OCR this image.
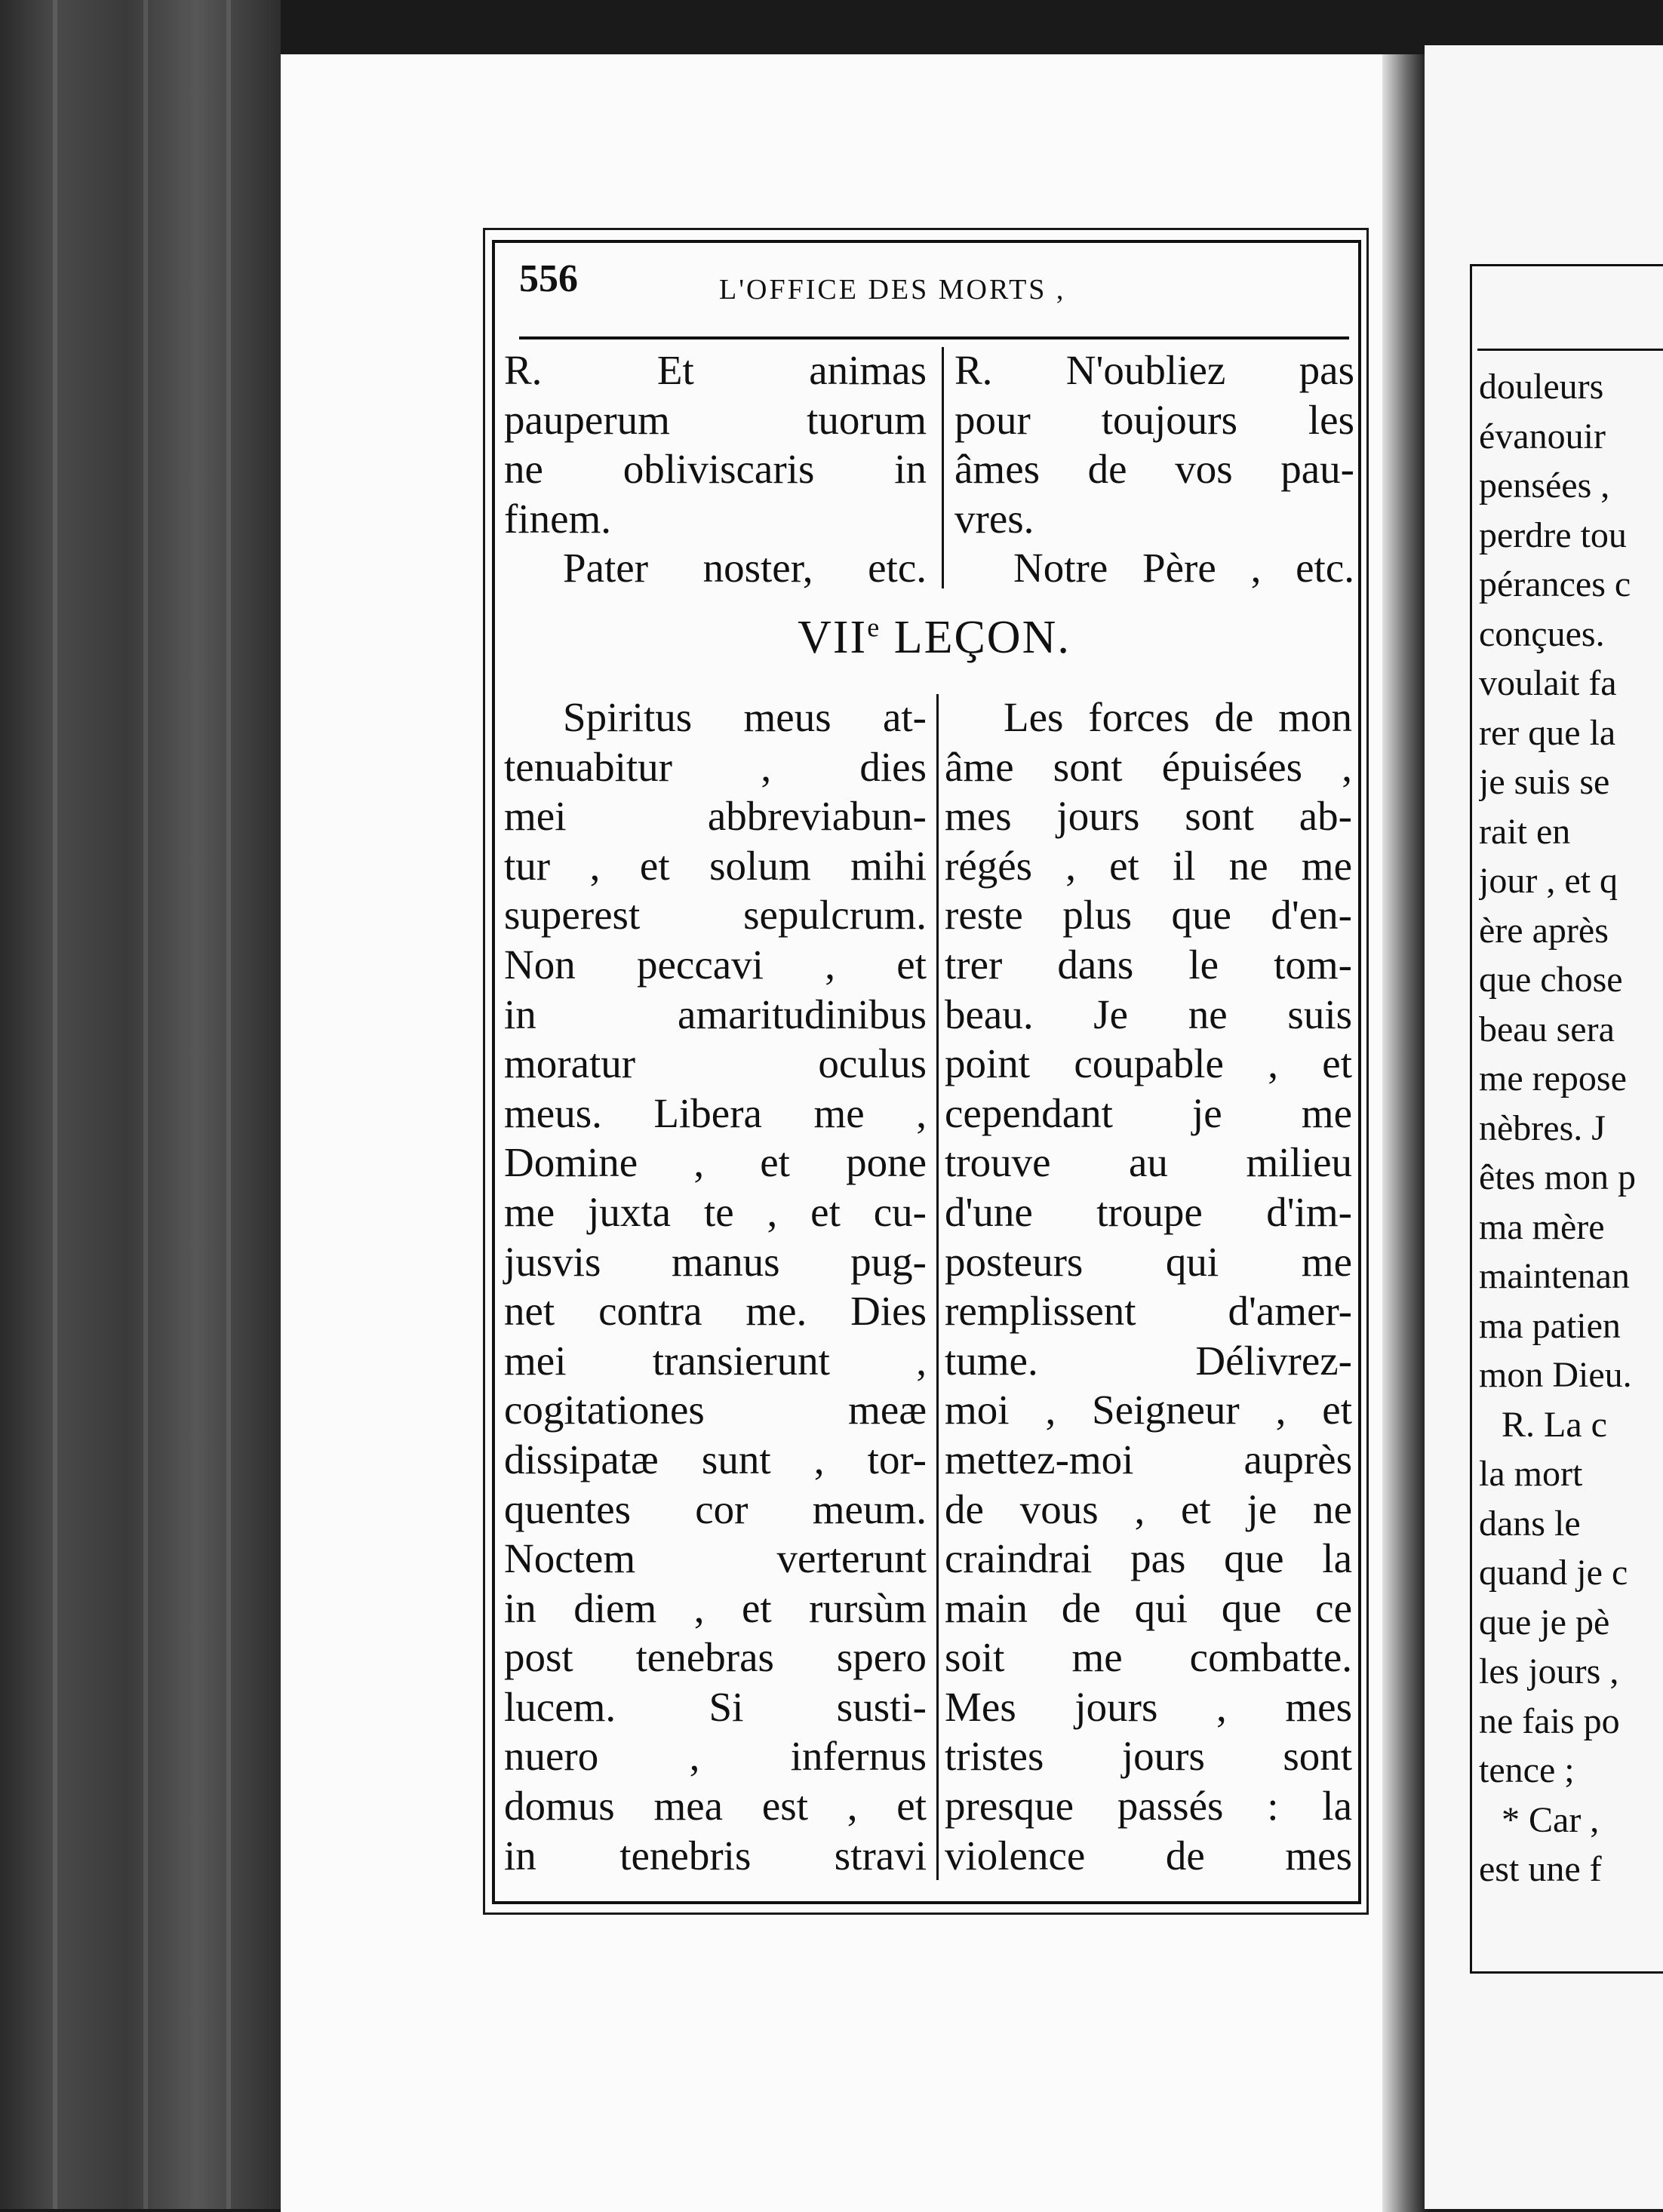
douleurs
évanouir
pensées ,
perdre tou
pérances c
conçues.
voulait fa
rer que la
je suis se
rait en
jour , et q
ère après
que chose
beau sera
me repose
nèbres. J
êtes mon p
ma mère
maintenan
ma patien
mon Dieu.
R. La c
la mort
dans le
quand je c
que je pè
les jours ,
ne fais po
tence ;
* Car ,
est une f
556	L'OFFICE DES MORTS ,
R. Et animas
pauperum tuorum
ne obliviscaris in
finem.
Pater noster, etc.
R. N'oubliez pas
pour toujours les
âmes de vos pau-
vres.
Notre Père , etc.
VIIe LEÇON.
Spiritus meus at-
tenuabitur , dies
mei abbreviabun-
tur , et solum mihi
superest sepulcrum.
Non peccavi , et
in amaritudinibus
moratur oculus
meus. Libera me ,
Domine , et pone
me juxta te , et cu-
jusvis manus pug-
net contra me. Dies
mei transierunt ,
cogitationes meæ
dissipatæ sunt , tor-
quentes cor meum.
Noctem verterunt
in diem , et rursùm
post tenebras spero
lucem. Si susti-
nuero , infernus
domus mea est , et
in tenebris stravi
Les forces de mon
âme sont épuisées ,
mes jours sont ab-
régés , et il ne me
reste plus que d'en-
trer dans le tom-
beau. Je ne suis
point coupable , et
cependant je me
trouve au milieu
d'une troupe d'im-
posteurs qui me
remplissent d'amer-
tume. Délivrez-
moi , Seigneur , et
mettez-moi auprès
de vous , et je ne
craindrai pas que la
main de qui que ce
soit me combatte.
Mes jours , mes
tristes jours sont
presque passés : la
violence de mes
